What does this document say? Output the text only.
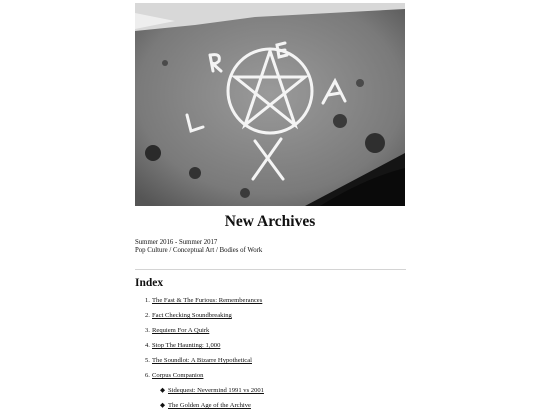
New Archives
Summer 2016 - Summer 2017
Pop Culture / Conceptual Art / Bodies of Work
Index
1. The Fast & The Furious: Rememberances
2. Fact Checking Soundbreaking
3. Requiem For A Quirk
4. Stop The Haunting: 1,000
5. The Soundlot: A Bizarre Hypothetical
6. Corpus Companion
◆ Sidequest: Nevermind 1991 vs 2001
◆ The Golden Age of the Archive
